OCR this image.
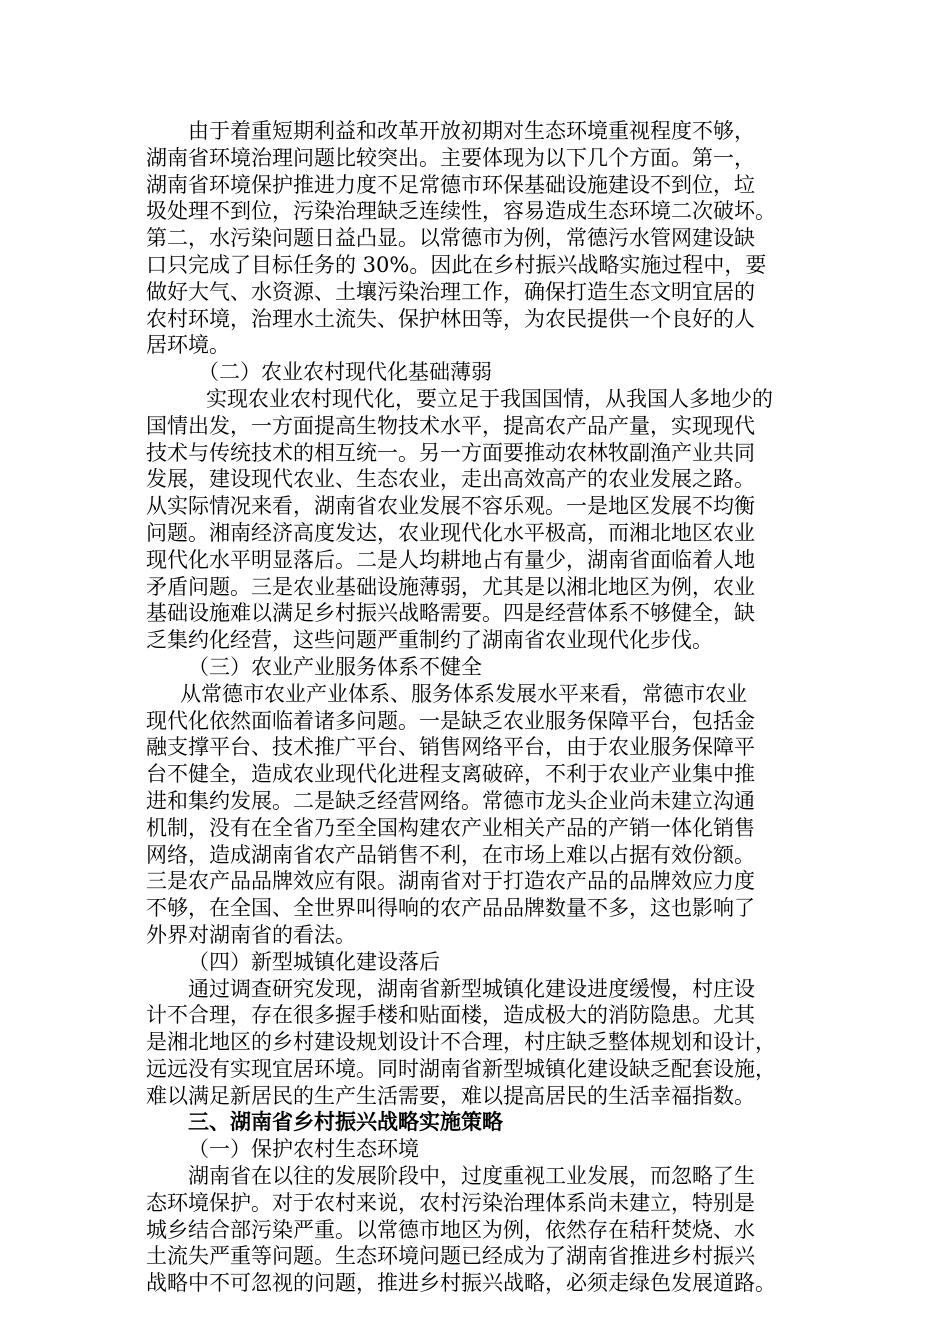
由于着重短期利益和改革开放初期对生态环境重视程度不够，
湖南省环境治理问题比较突出。主要体现为以下几个方面。第一，
湖南省环境保护推进力度不足常德市环保基础设施建设不到位，垃
圾处理不到位，污染治理缺乏连续性，容易造成生态环境二次破坏。
第二，水污染问题日益凸显。以常德市为例，常德污水管网建设缺
口只完成了目标任务的 30%。因此在乡村振兴战略实施过程中，要
做好大气、水资源、土壤污染治理工作，确保打造生态文明宜居的
农村环境，治理水土流失、保护林田等，为农民提供一个良好的人
居环境。
（二）农业农村现代化基础薄弱
实现农业农村现代化，要立足于我国国情，从我国人多地少的
国情出发，一方面提高生物技术水平，提高农产品产量，实现现代
技术与传统技术的相互统一。另一方面要推动农林牧副渔产业共同
发展，建设现代农业、生态农业，走出高效高产的农业发展之路。
从实际情况来看，湖南省农业发展不容乐观。一是地区发展不均衡
问题。湘南经济高度发达，农业现代化水平极高，而湘北地区农业
现代化水平明显落后。二是人均耕地占有量少，湖南省面临着人地
矛盾问题。三是农业基础设施薄弱，尤其是以湘北地区为例，农业
基础设施难以满足乡村振兴战略需要。四是经营体系不够健全，缺
乏集约化经营，这些问题严重制约了湖南省农业现代化步伐。
（三）农业产业服务体系不健全
从常德市农业产业体系、服务体系发展水平来看，常德市农业
现代化依然面临着诸多问题。一是缺乏农业服务保障平台，包括金
融支撑平台、技术推广平台、销售网络平台，由于农业服务保障平
台不健全，造成农业现代化进程支离破碎，不利于农业产业集中推
进和集约发展。二是缺乏经营网络。常德市龙头企业尚未建立沟通
机制，没有在全省乃至全国构建农产业相关产品的产销一体化销售
网络，造成湖南省农产品销售不利，在市场上难以占据有效份额。
三是农产品品牌效应有限。湖南省对于打造农产品的品牌效应力度
不够，在全国、全世界叫得响的农产品品牌数量不多，这也影响了
外界对湖南省的看法。
（四）新型城镇化建设落后
通过调查研究发现，湖南省新型城镇化建设进度缓慢，村庄设
计不合理，存在很多握手楼和贴面楼，造成极大的消防隐患。尤其
是湘北地区的乡村建设规划设计不合理，村庄缺乏整体规划和设计，
远远没有实现宜居环境。同时湖南省新型城镇化建设缺乏配套设施，
难以满足新居民的生产生活需要，难以提高居民的生活幸福指数。
三、湖南省乡村振兴战略实施策略
（一）保护农村生态环境
湖南省在以往的发展阶段中，过度重视工业发展，而忽略了生
态环境保护。对于农村来说，农村污染治理体系尚未建立，特别是
城乡结合部污染严重。以常德市地区为例，依然存在秸秆焚烧、水
土流失严重等问题。生态环境问题已经成为了湖南省推进乡村振兴
战略中不可忽视的问题，推进乡村振兴战略，必须走绿色发展道路。
